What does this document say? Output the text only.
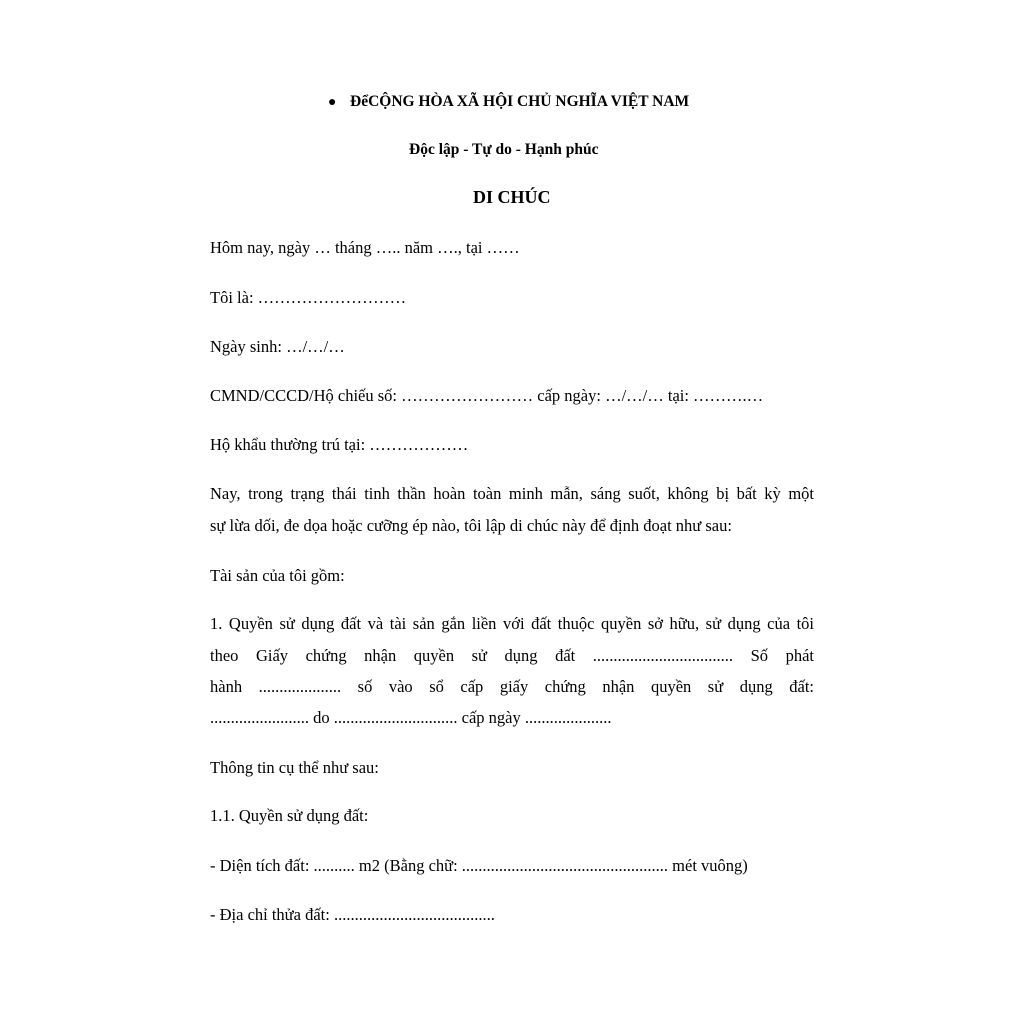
● ĐểCỘNG HÒA XÃ HỘI CHỦ NGHĨA VIỆT NAM
Độc lập - Tự do - Hạnh phúc
DI CHÚC
Hôm nay, ngày … tháng ….. năm …., tại ……
Tôi là: ………………………
Ngày sinh: …/…/…
CMND/CCCD/Hộ chiếu số: …………………… cấp ngày: …/…/… tại: ……….…
Hộ khẩu thường trú tại: ………………
Nay, trong trạng thái tinh thần hoàn toàn minh mẫn, sáng suốt, không bị bất kỳ một
sự lừa dối, đe dọa hoặc cưỡng ép nào, tôi lập di chúc này để định đoạt như sau:
Tài sản của tôi gồm:
1. Quyền sử dụng đất và tài sản gắn liền với đất thuộc quyền sở hữu, sử dụng của tôi
theo Giấy chứng nhận quyền sử dụng đất .................................. Số phát
hành .................... số vào sổ cấp giấy chứng nhận quyền sử dụng đất:
........................ do .............................. cấp ngày .....................
Thông tin cụ thể như sau:
1.1. Quyền sử dụng đất:
- Diện tích đất: .......... m2 (Bằng chữ: .................................................. mét vuông)
- Địa chỉ thửa đất: .......................................
